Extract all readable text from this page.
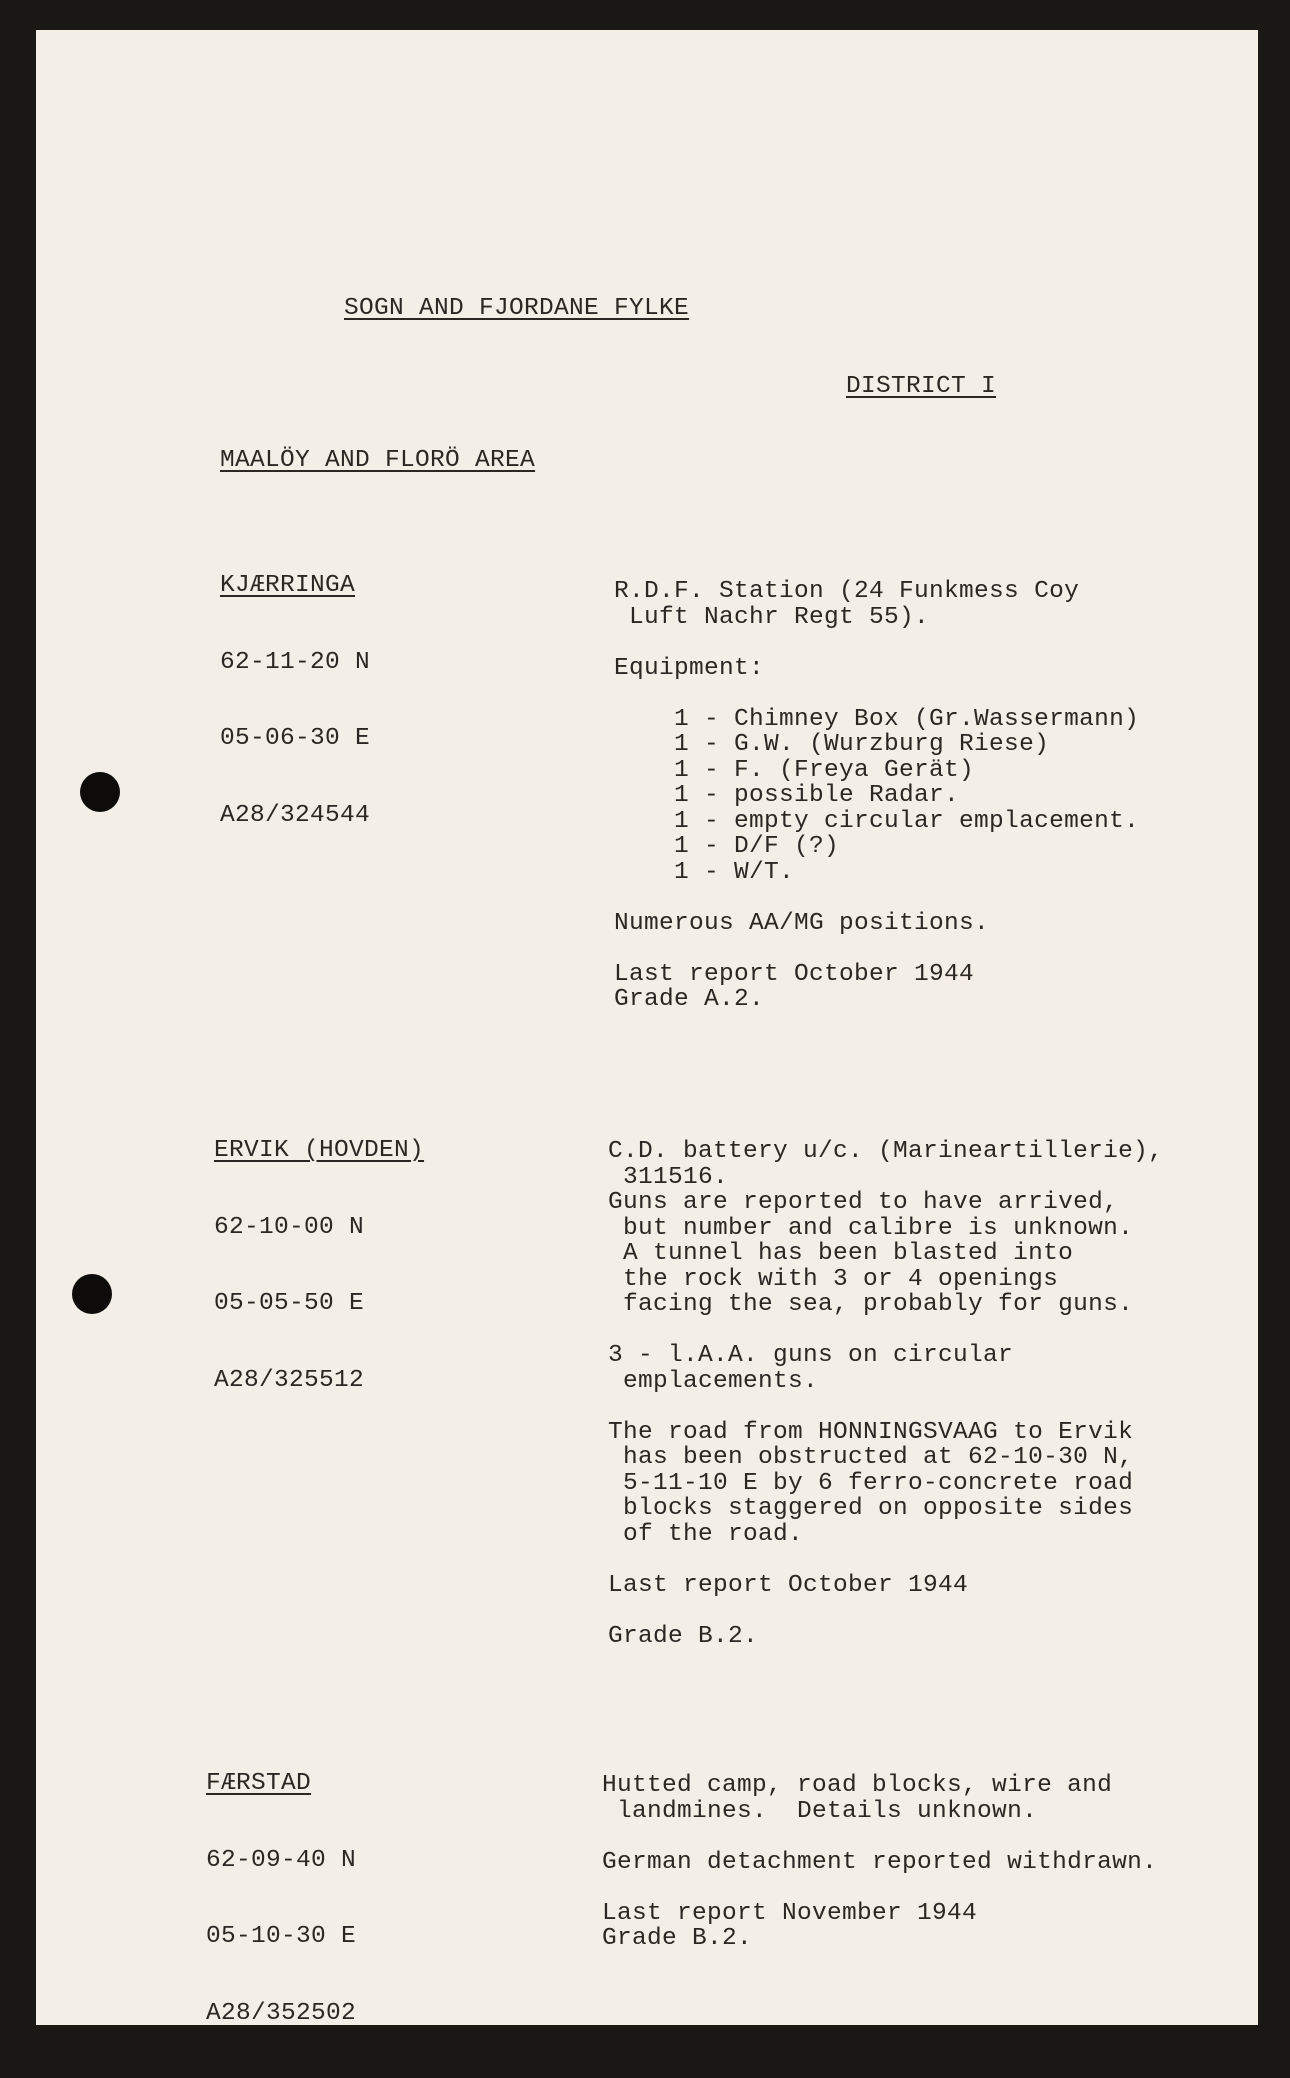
SOGN AND FJORDANE FYLKE
DISTRICT I
MAALÖY AND FLORÖ AREA

KJÆRRINGA

62-11-20 N

05-06-30 E

A28/324544

R.D.F. Station (24 Funkmess Coy
Luft Nachr Regt 55).

Equipment:

1 - Chimney Box (Gr.Wassermann)
1 - G.W. (Wurzburg Riese)
1 - F. (Freya Gerät)
1 - possible Radar.
1 - empty circular emplacement.
1 - D/F (?)
1 - W/T.

Numerous AA/MG positions.

Last report October 1944
Grade A.2.

ERVIK (HOVDEN)

62-10-00 N

05-05-50 E

A28/325512

C.D. battery u/c. (Marineartillerie),
311516.
Guns are reported to have arrived,
but number and calibre is unknown.
A tunnel has been blasted into
the rock with 3 or 4 openings
facing the sea, probably for guns.

3 - l.A.A. guns on circular
emplacements.

The road from HONNINGSVAAG to Ervik
has been obstructed at 62-10-30 N,
5-11-10 E by 6 ferro-concrete road
blocks staggered on opposite sides
of the road.

Last report October 1944

Grade B.2.

FÆRSTAD

62-09-40 N

05-10-30 E

A28/352502

Hutted camp, road blocks, wire and
landmines.  Details unknown.

German detachment reported withdrawn.

Last report November 1944
Grade B.2.
